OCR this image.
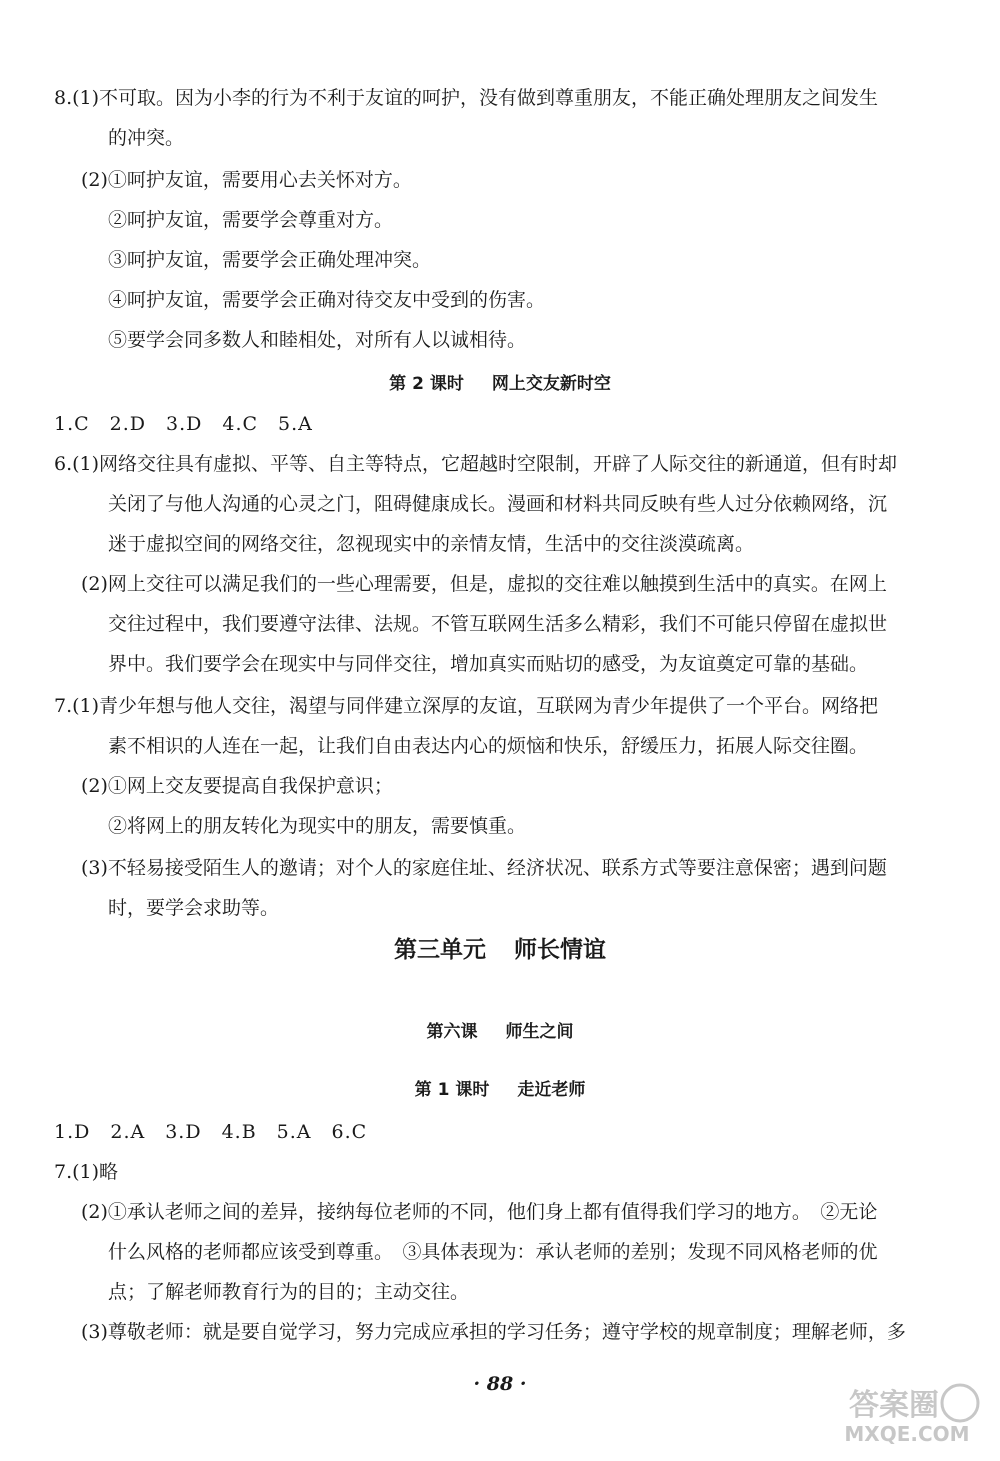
8.(1)不可取。因为小李的行为不利于友谊的呵护，没有做到尊重朋友，不能正确处理朋友之间发生

的冲突。

(2)①呵护友谊，需要用心去关怀对方。

②呵护友谊，需要学会尊重对方。

③呵护友谊，需要学会正确处理冲突。

④呵护友谊，需要学会正确对待交友中受到的伤害。

⑤要学会同多数人和睦相处，对所有人以诚相待。

第 2 课时 网上交友新时空

1.C　2.D　3.D　4.C　5.A

6.(1)网络交往具有虚拟、平等、自主等特点，它超越时空限制，开辟了人际交往的新通道，但有时却

关闭了与他人沟通的心灵之门，阻碍健康成长。漫画和材料共同反映有些人过分依赖网络，沉

迷于虚拟空间的网络交往，忽视现实中的亲情友情，生活中的交往淡漠疏离。

(2)网上交往可以满足我们的一些心理需要，但是，虚拟的交往难以触摸到生活中的真实。在网上

交往过程中，我们要遵守法律、法规。不管互联网生活多么精彩，我们不可能只停留在虚拟世

界中。我们要学会在现实中与同伴交往，增加真实而贴切的感受，为友谊奠定可靠的基础。

7.(1)青少年想与他人交往，渴望与同伴建立深厚的友谊，互联网为青少年提供了一个平台。网络把

素不相识的人连在一起，让我们自由表达内心的烦恼和快乐，舒缓压力，拓展人际交往圈。

(2)①网上交友要提高自我保护意识；

②将网上的朋友转化为现实中的朋友，需要慎重。

(3)不轻易接受陌生人的邀请；对个人的家庭住址、经济状况、联系方式等要注意保密；遇到问题

时，要学会求助等。

第三单元 师长情谊

第六课 师生之间

第 1 课时 走近老师

1.D　2.A　3.D　4.B　5.A　6.C

7.(1)略

(2)①承认老师之间的差异，接纳每位老师的不同，他们身上都有值得我们学习的地方。　②无论

什么风格的老师都应该受到尊重。　③具体表现为：承认老师的差别；发现不同风格老师的优

点；了解老师教育行为的目的；主动交往。

(3)尊敬老师：就是要自觉学习，努力完成应承担的学习任务；遵守学校的规章制度；理解老师，多

· 88 ·
答案圈
MXQE.COM
